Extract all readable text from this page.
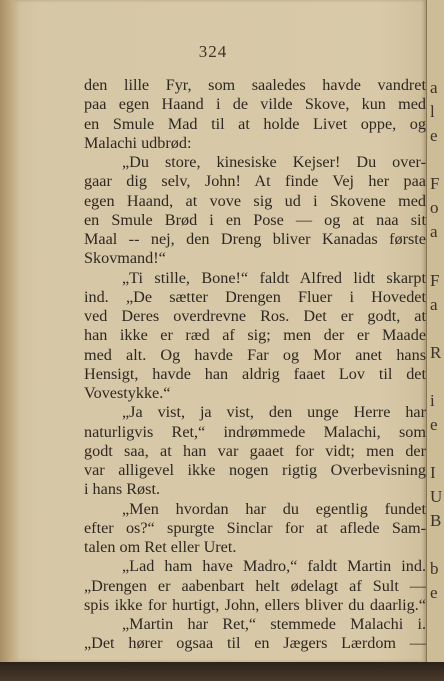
324
den lille Fyr, som saaledes havde vandret
paa egen Haand i de vilde Skove, kun med
en Smule Mad til at holde Livet oppe, og
Malachi udbrød:
„Du store, kinesiske Kejser! Du over-
gaar dig selv, John! At finde Vej her paa
egen Haand, at vove sig ud i Skovene med
en Smule Brød i en Pose — og at naa sit
Maal -- nej, den Dreng bliver Kanadas første
Skovmand!“
„Ti stille, Bone!“ faldt Alfred lidt skarpt
ind. „De sætter Drengen Fluer i Hovedet
ved Deres overdrevne Ros. Det er godt, at
han ikke er ræd af sig; men der er Maade
med alt. Og havde Far og Mor anet hans
Hensigt, havde han aldrig faaet Lov til det
Vovestykke.“
„Ja vist, ja vist, den unge Herre har
naturligvis Ret,“ indrømmede Malachi, som
godt saa, at han var gaaet for vidt; men der
var alligevel ikke nogen rigtig Overbevisning
i hans Røst.
„Men hvordan har du egentlig fundet
efter os?“ spurgte Sinclar for at aflede Sam-
talen om Ret eller Uret.
„Lad ham have Madro,“ faldt Martin ind.
„Drengen er aabenbart helt ødelagt af Sult —
spis ikke for hurtigt, John, ellers bliver du daarlig.“
„Martin har Ret,“ stemmede Malachi i.
„Det hører ogsaa til en Jægers Lærdom —
a
l
e
F
o
a
F
a
R
i
e
I
U
B
b
e
